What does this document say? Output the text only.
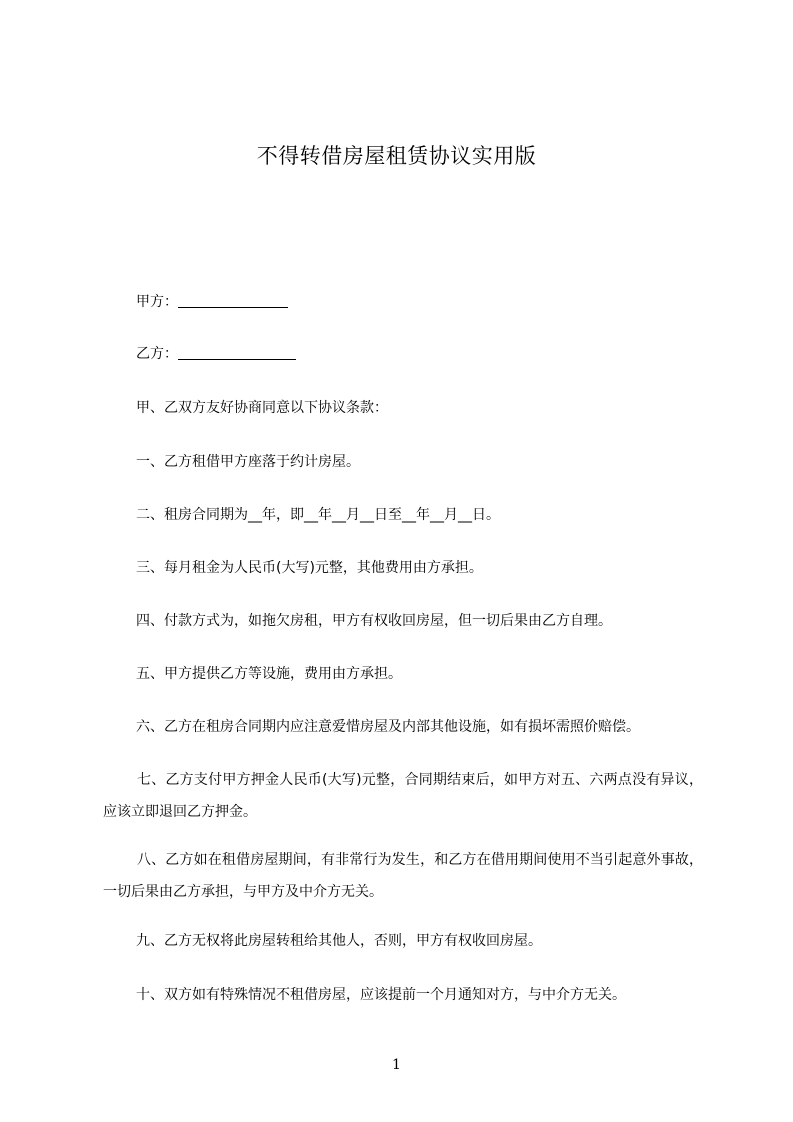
不得转借房屋租赁协议实用版
甲方：
乙方：
甲、乙双方友好协商同意以下协议条款：
一、乙方租借甲方座落于约计房屋。
二、租房合同期为__年，即__年__月__日至__年__月__日。
三、每月租金为人民币(大写)元整，其他费用由方承担。
四、付款方式为，如拖欠房租，甲方有权收回房屋，但一切后果由乙方自理。
五、甲方提供乙方等设施，费用由方承担。
六、乙方在租房合同期内应注意爱惜房屋及内部其他设施，如有损坏需照价赔偿。
七、乙方支付甲方押金人民币(大写)元整，合同期结束后，如甲方对五、六两点没有异议，应该立即退回乙方押金。
八、乙方如在租借房屋期间，有非常行为发生，和乙方在借用期间使用不当引起意外事故，一切后果由乙方承担，与甲方及中介方无关。
九、乙方无权将此房屋转租给其他人，否则，甲方有权收回房屋。
十、双方如有特殊情况不租借房屋，应该提前一个月通知对方，与中介方无关。
1
